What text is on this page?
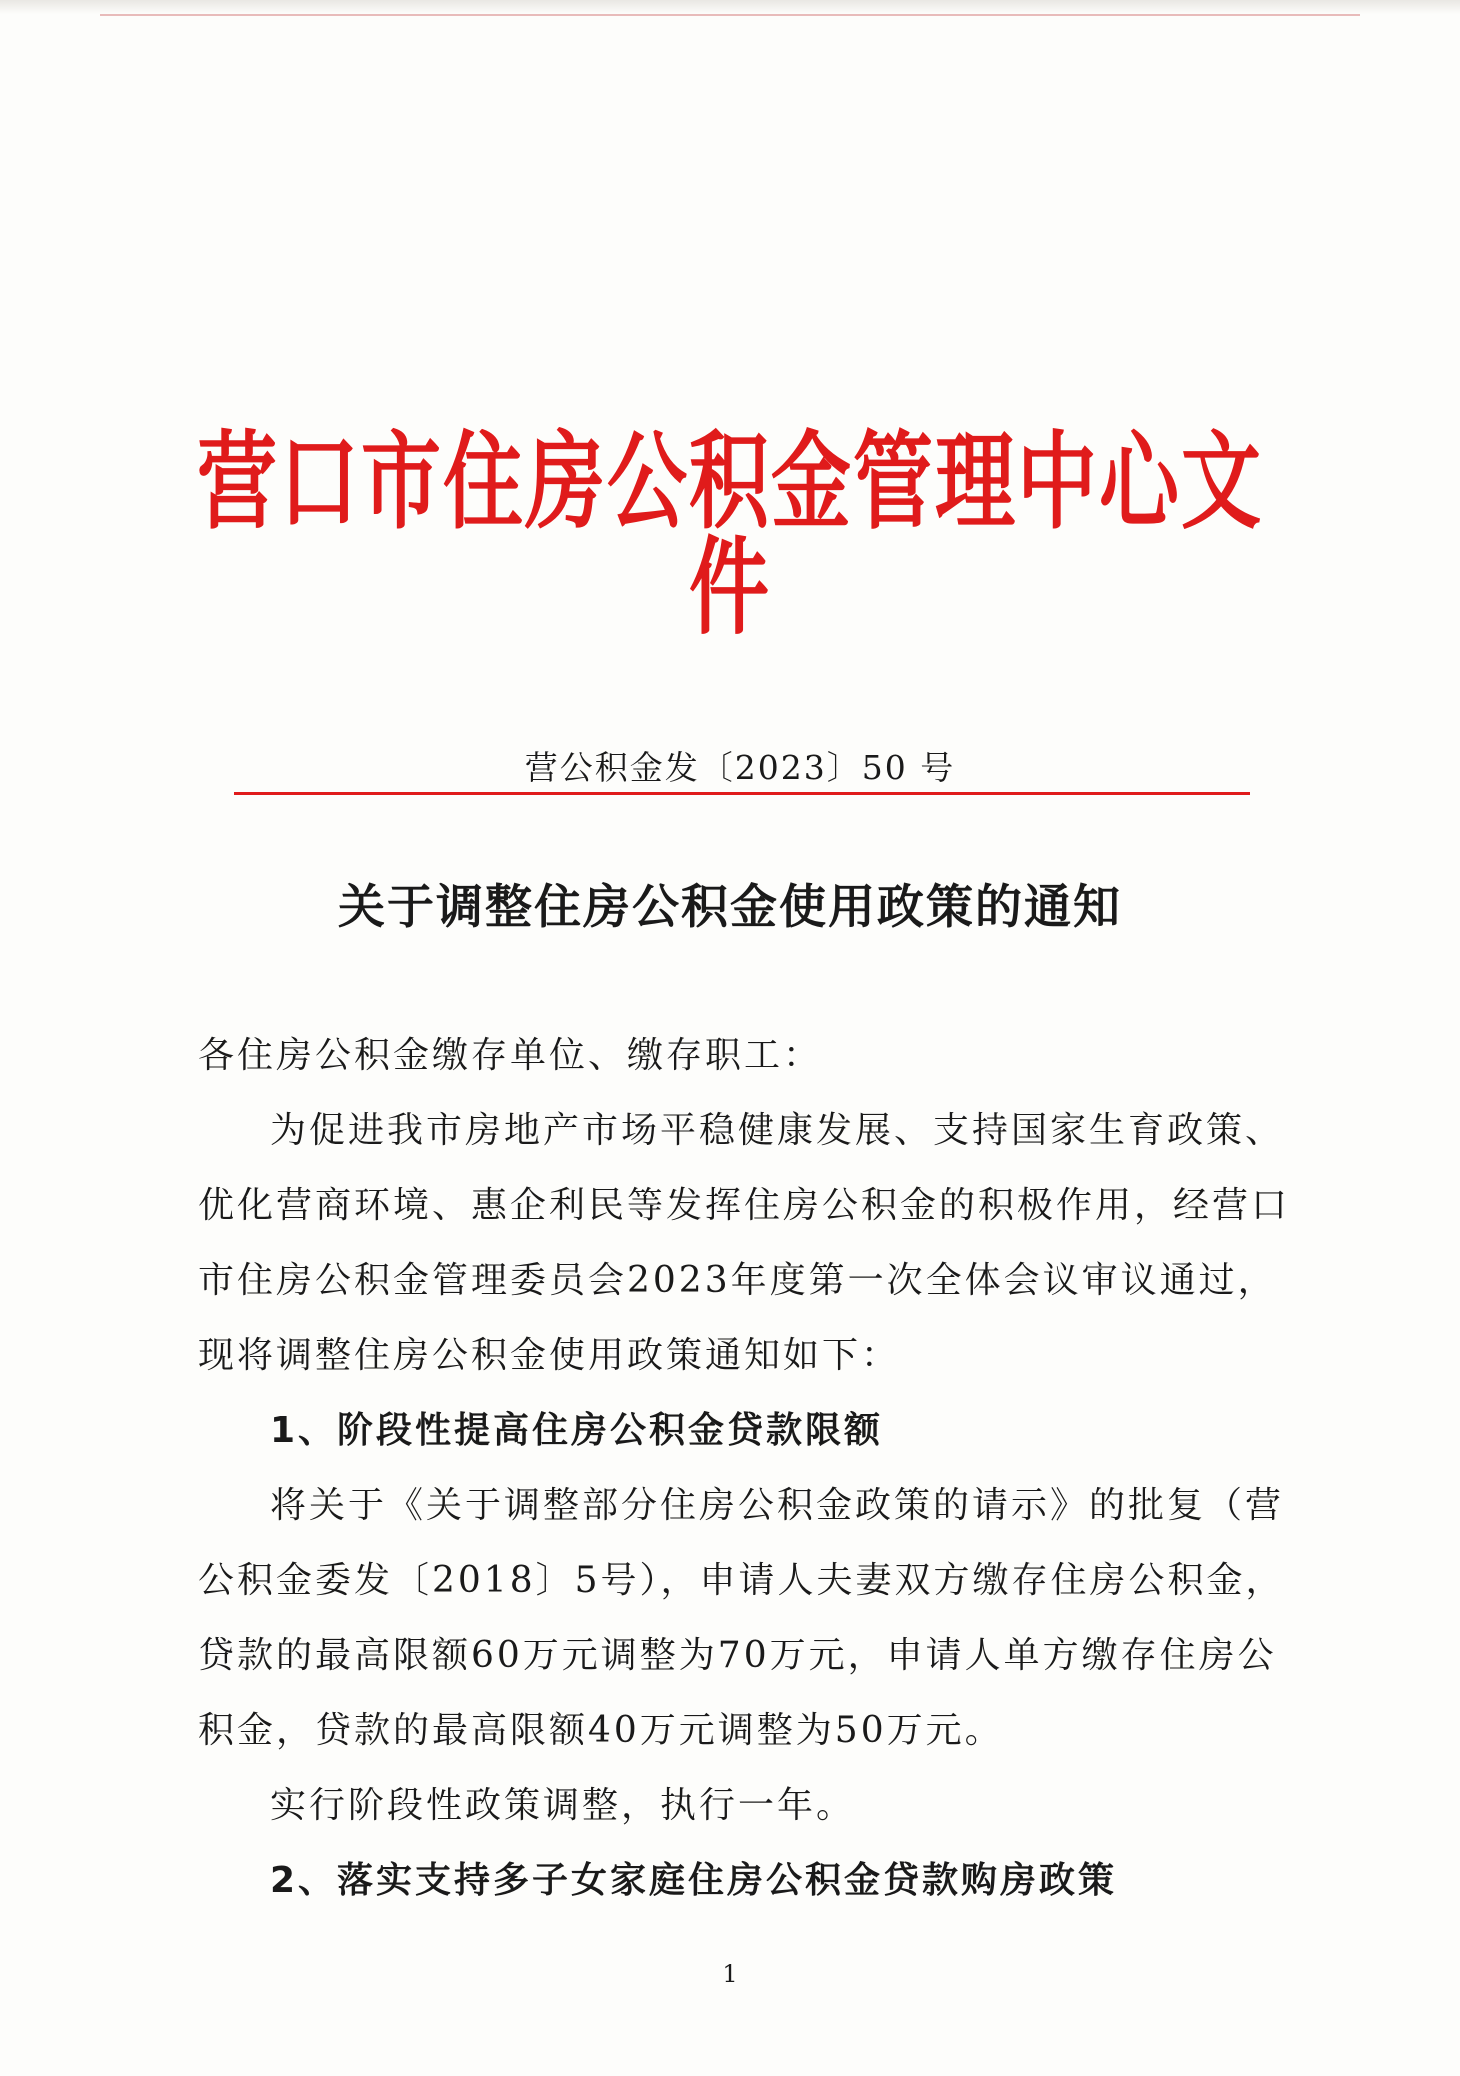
营口市住房公积金管理中心文件
营公积金发〔2023〕50 号
关于调整住房公积金使用政策的通知

各住房公积金缴存单位、缴存职工：

为促进我市房地产市场平稳健康发展、支持国家生育政策、优化营商环境、惠企利民等发挥住房公积金的积极作用，经营口市住房公积金管理委员会2023年度第一次全体会议审议通过，现将调整住房公积金使用政策通知如下：

1、阶段性提高住房公积金贷款限额

将关于《关于调整部分住房公积金政策的请示》的批复（营公积金委发〔2018〕5号），申请人夫妻双方缴存住房公积金，贷款的最高限额60万元调整为70万元，申请人单方缴存住房公积金，贷款的最高限额40万元调整为50万元。

实行阶段性政策调整，执行一年。

2、落实支持多子女家庭住房公积金贷款购房政策

1
